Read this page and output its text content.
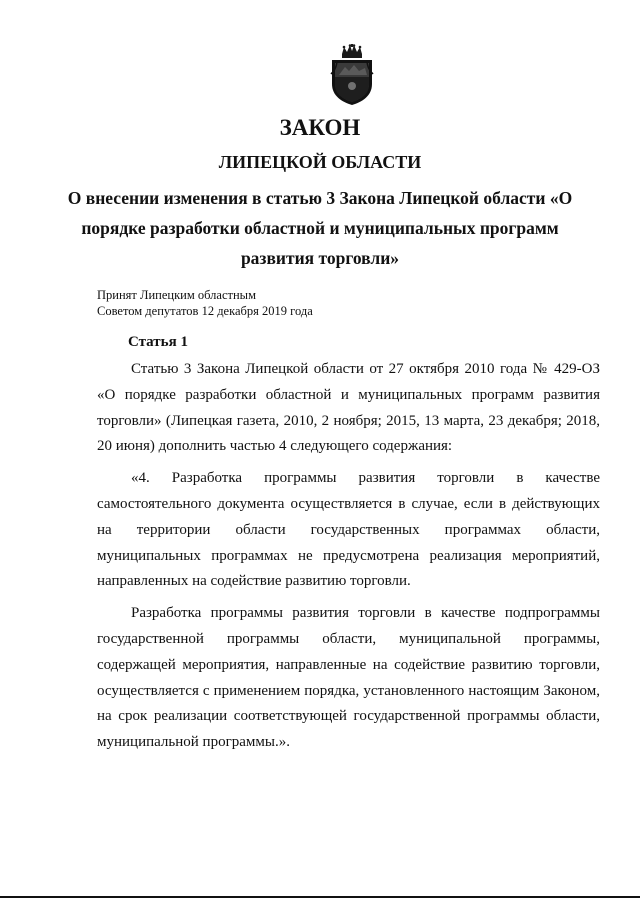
ЗАКОН
ЛИПЕЦКОЙ ОБЛАСТИ
О внесении изменения в статью 3 Закона Липецкой области «О порядке разработки областной и муниципальных программ развития торговли»
Принят Липецким областным
Советом депутатов 12 декабря 2019 года
Статья 1

Статью 3 Закона Липецкой области от 27 октября 2010 года № 429-ОЗ «О порядке разработки областной и муниципальных программ развития торговли» (Липецкая газета, 2010, 2 ноября; 2015, 13 марта, 23 декабря; 2018, 20 июня) дополнить частью 4 следующего содержания:

«4. Разработка программы развития торговли в качестве самостоятельного документа осуществляется в случае, если в действующих на территории области государственных программах области, муниципальных программах не предусмотрена реализация мероприятий, направленных на содействие развитию торговли.

Разработка программы развития торговли в качестве подпрограммы государственной программы области, муниципальной программы, содержащей мероприятия, направленные на содействие развитию торговли, осуществляется с применением порядка, установленного настоящим Законом, на срок реализации соответствующей государственной программы области, муниципальной программы.».
